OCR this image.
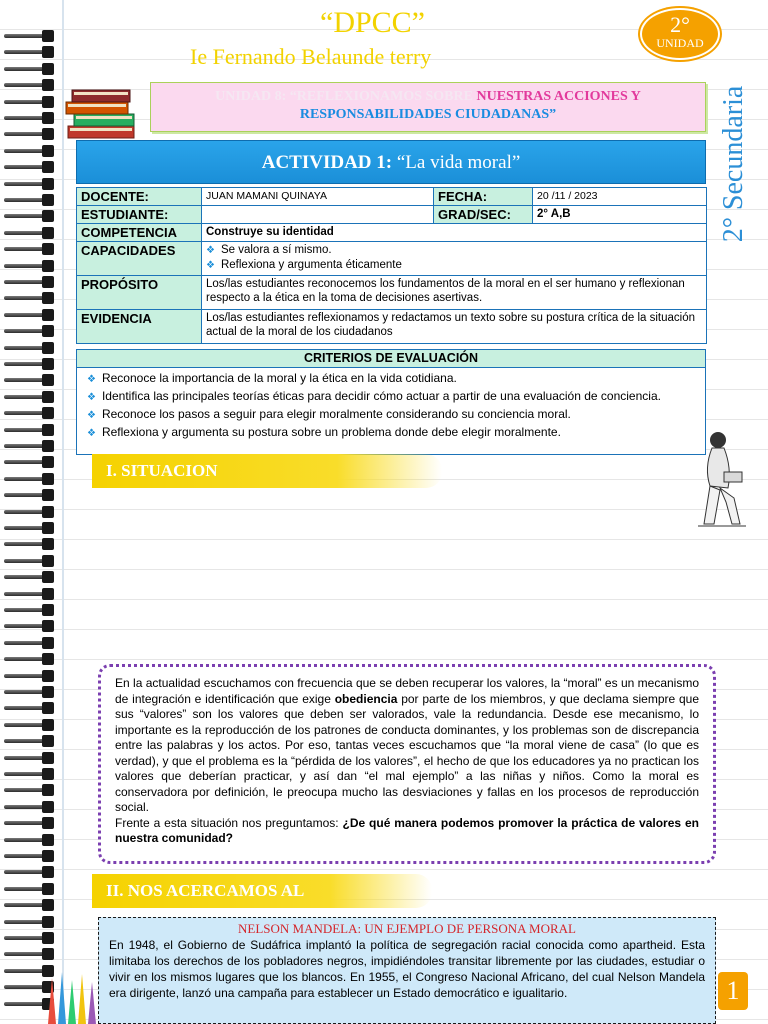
“DPCC”
Ie Fernando Belaunde terry
2°
UNIDAD
2° Secundaria
UNIDAD 8: “REFLEXIONAMOS SOBRE NUESTRAS ACCIONES Y
RESPONSABILIDADES CIUDADANAS”
ACTIVIDAD 1: “La vida moral”
DOCENTE:	JUAN MAMANI QUINAYA	FECHA:	20 /11 / 2023
ESTUDIANTE:		GRAD/SEC:	2° A,B
COMPETENCIA	Construye su identidad		
CAPACIDADES	❖ Se valora a sí mismo.
❖ Reflexiona y argumenta éticamente		

PROPÓSITO	Los/las estudiantes reconocemos los fundamentos de la moral en el ser humano y reflexionan respecto a la ética en la toma de decisiones asertivas.		
EVIDENCIA	Los/las estudiantes reflexionamos y redactamos un texto sobre su postura crítica de la situación actual de la moral de los ciudadanos		
CRITERIOS DE EVALUACIÓN
❖ Reconoce la importancia de la moral y la ética en la vida cotidiana.
❖ Identifica las principales teorías éticas para decidir cómo actuar a partir de una evaluación de conciencia.
❖ Reconoce los pasos a seguir para elegir moralmente considerando su conciencia moral.
❖ Reflexiona y argumenta su postura sobre un problema donde debe elegir moralmente.
I. SITUACION
En la actualidad escuchamos con frecuencia que se deben recuperar los valores, la “moral” es un mecanismo de integración e identificación que exige obediencia por parte de los miembros, y que declama siempre que sus “valores” son los valores que deben ser valorados, vale la redundancia. Desde ese mecanismo, lo importante es la reproducción de los patrones de conducta dominantes, y los problemas son de discrepancia entre las palabras y los actos. Por eso, tantas veces escuchamos que “la moral viene de casa” (lo que es verdad), y que el problema es la “pérdida de los valores”, el hecho de que los educadores ya no practican los valores que deberían practicar, y así dan “el mal ejemplo” a las niñas y niños. Como la moral es conservadora por definición, le preocupa mucho las desviaciones y fallas en los procesos de reproducción social.
Frente a esta situación nos preguntamos: ¿De qué manera podemos promover la práctica de valores en nuestra comunidad?
II. NOS ACERCAMOS AL
NELSON MANDELA: UN EJEMPLO DE PERSONA MORAL
En 1948, el Gobierno de Sudáfrica implantó la política de segregación racial conocida como apartheid. Esta limitaba los derechos de los pobladores negros, impidiéndoles transitar libremente por las ciudades, estudiar o vivir en los mismos lugares que los blancos. En 1955, el Congreso Nacional Africano, del cual Nelson Mandela era dirigente, lanzó una campaña para establecer un Estado democrático e igualitario.	1
